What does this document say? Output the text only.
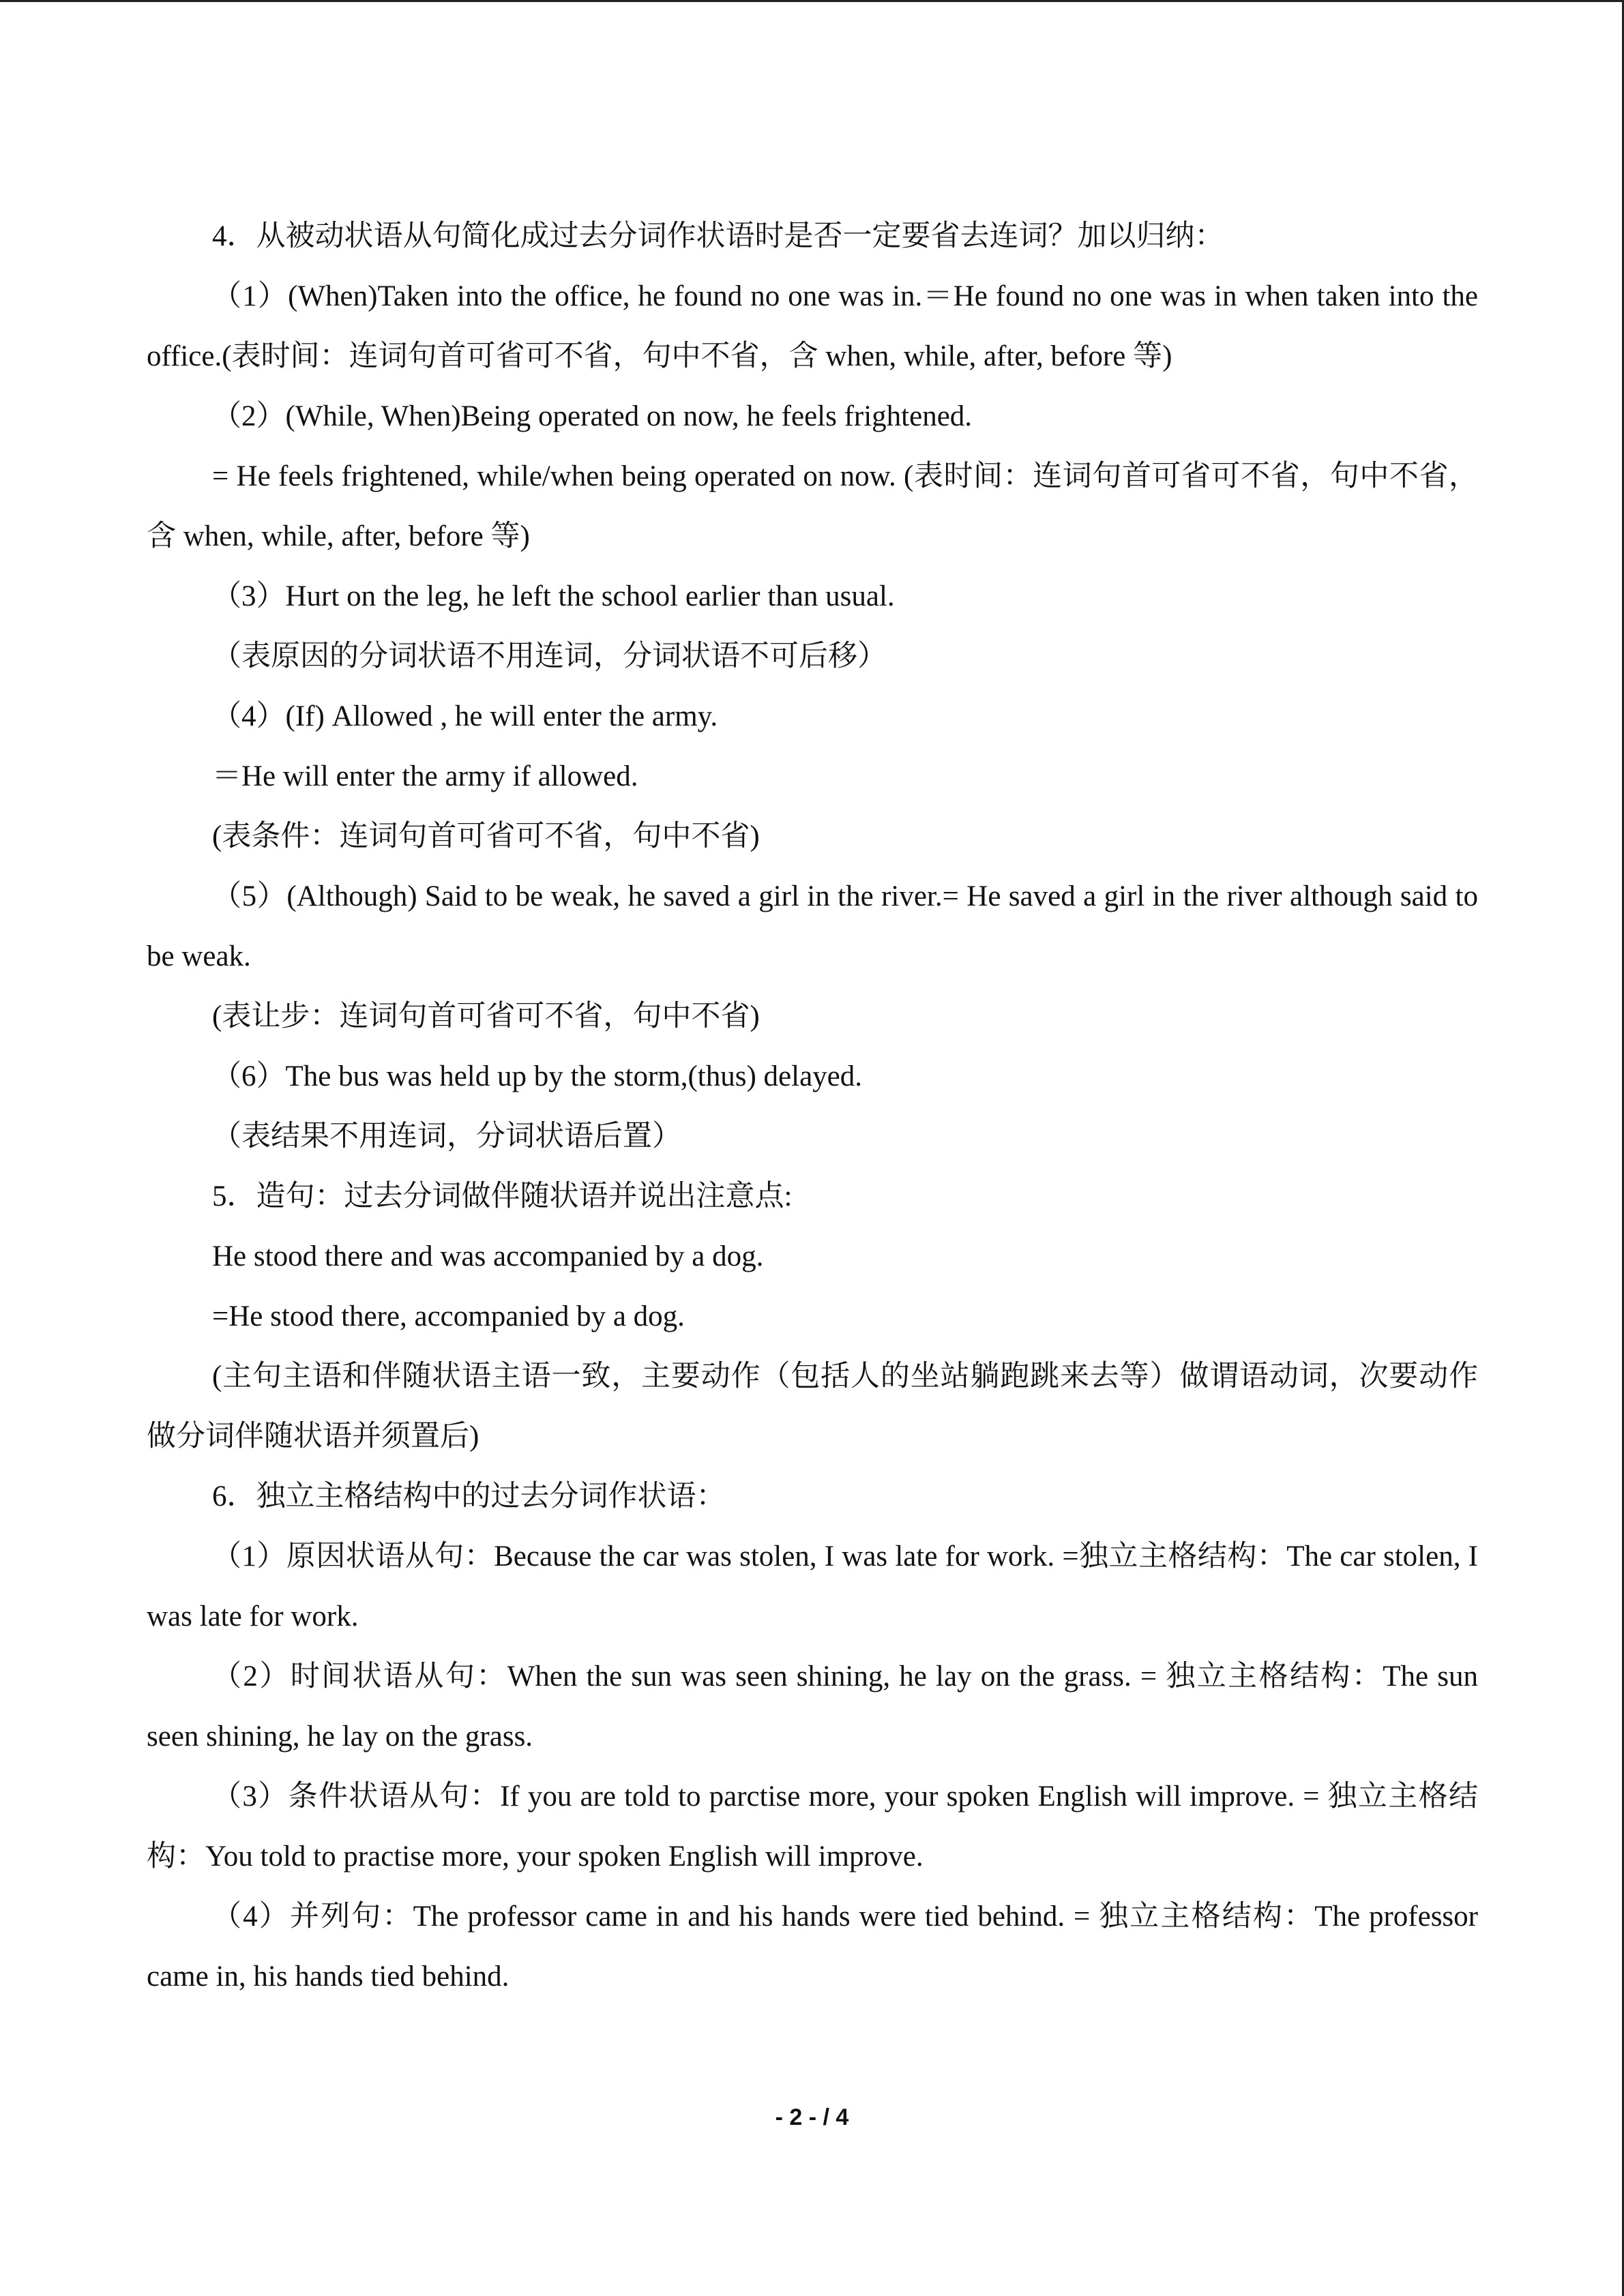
4．从被动状语从句简化成过去分词作状语时是否一定要省去连词？加以归纳：

（1）(When)Taken into the office, he found no one was in.＝He found no one was in when taken into the office.(表时间：连词句首可省可不省，句中不省，含 when, while, after, before 等)

（2）(While, When)Being operated on now, he feels frightened.

= He feels frightened, while/when being operated on now. (表时间：连词句首可省可不省，句中不省，含 when, while, after, before 等)

（3）Hurt on the leg, he left the school earlier than usual.

（表原因的分词状语不用连词，分词状语不可后移）

（4）(If) Allowed , he will enter the army.

＝He will enter the army if allowed.

(表条件：连词句首可省可不省，句中不省)

（5）(Although) Said to be weak, he saved a girl in the river.= He saved a girl in the river although said to be weak.

(表让步：连词句首可省可不省，句中不省)

（6）The bus was held up by the storm,(thus) delayed.

（表结果不用连词，分词状语后置）

5．造句：过去分词做伴随状语并说出注意点:

He stood there and was accompanied by a dog.

=He stood there, accompanied by a dog.

(主句主语和伴随状语主语一致，主要动作（包括人的坐站躺跑跳来去等）做谓语动词，次要动作做分词伴随状语并须置后)

6．独立主格结构中的过去分词作状语：

（1）原因状语从句：Because the car was stolen, I was late for work. =独立主格结构：The car stolen, I was late for work.

（2）时间状语从句：When the sun was seen shining, he lay on the grass. = 独立主格结构：The sun seen shining, he lay on the grass.

（3）条件状语从句：If you are told to parctise more, your spoken English will improve. = 独立主格结构：You told to practise more, your spoken English will improve.

（4）并列句：The professor came in and his hands were tied behind. = 独立主格结构：The professor came in, his hands tied behind.

- 2 - / 4
